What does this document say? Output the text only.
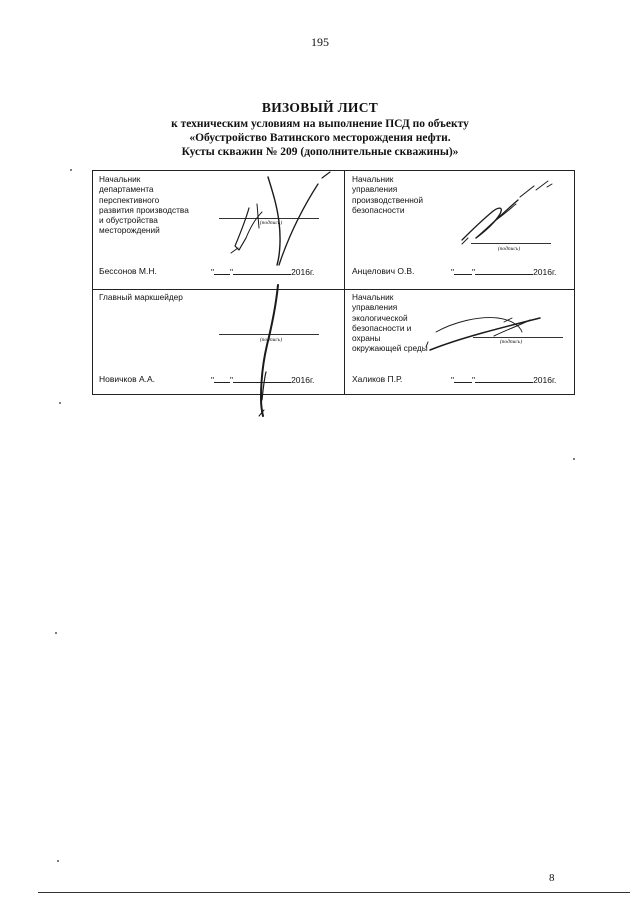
195
ВИЗОВЫЙ ЛИСТ
к техническим условиям на выполнение ПСД по объекту
«Обустройство Ватинского месторождения нефти.
Кусты скважин № 209 (дополнительные скважины)»
Начальник
департамента
перспективного
развития производства
и обустройства
месторождений
(подпись)
Бессонов М.Н.	" "	2016г.
Начальник
управления
производственной
безопасности
(подпись)
Анцелович О.В.	" "	2016г.
Главный маркшейдер
(подпись)
Новичков А.А.	" "	2016г.
Начальник
управления
экологической
безопасности и
охраны
окружающей среды
(подпись)
Халиков П.Р.	" "	2016г.
8
